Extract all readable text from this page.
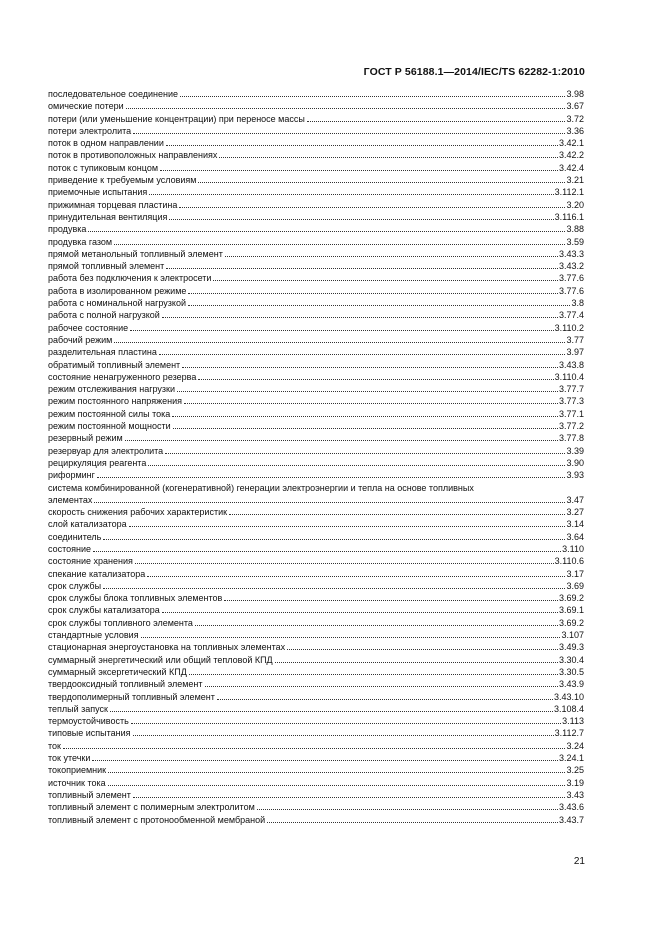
ГОСТ Р 56188.1—2014/IEC/TS 62282-1:2010
последовательное соединение	3.98
омические потери	3.67
потери (или уменьшение концентрации) при переносе массы	3.72
потери электролита	3.36
поток в одном направлении	3.42.1
поток в противоположных направлениях	3.42.2
поток с тупиковым концом	3.42.4
приведение к требуемым условиям	3.21
приемочные испытания	3.112.1
прижимная торцевая пластина	3.20
принудительная вентиляция	3.116.1
продувка	3.88
продувка газом	3.59
прямой метанольный топливный элемент	3.43.3
прямой топливный элемент	3.43.2
работа без подключения к электросети	3.77.6
работа в изолированном режиме	3.77.6
работа с номинальной нагрузкой	3.8
работа с полной нагрузкой	3.77.4
рабочее состояние	3.110.2
рабочий режим	3.77
разделительная пластина	3.97
обратимый топливный элемент	3.43.8
состояние ненагруженного резерва	3.110.4
режим отслеживания нагрузки	3.77.7
режим постоянного напряжения	3.77.3
режим постоянной силы тока	3.77.1
режим постоянной мощности	3.77.2
резервный режим	3.77.8
резервуар для электролита	3.39
рециркуляция реагента	3.90
риформинг	3.93
система комбинированной (когенеративной) генерации электроэнергии и тепла на основе топливных
элементах	3.47
скорость снижения рабочих характеристик	3.27
слой катализатора	3.14
соединитель	3.64
состояние	3.110
состояние хранения	3.110.6
спекание катализатора	3.17
срок службы	3.69
срок службы блока топливных элементов	3.69.2
срок службы катализатора	3.69.1
срок службы топливного элемента	3.69.2
стандартные условия	3.107
стационарная энергоустановка на топливных элементах	3.49.3
суммарный энергетический или общий тепловой КПД	3.30.4
суммарный эксергетический КПД	3.30.5
твердооксидный топливный элемент	3.43.9
твердополимерный топливный элемент	3.43.10
теплый запуск	3.108.4
термоустойчивость	3.113
типовые испытания	3.112.7
ток	3.24
ток утечки	3.24.1
токоприемник	3.25
источник тока	3.19
топливный элемент	3.43
топливный элемент с полимерным электролитом	3.43.6
топливный элемент с протонообменной мембраной	3.43.7
21
